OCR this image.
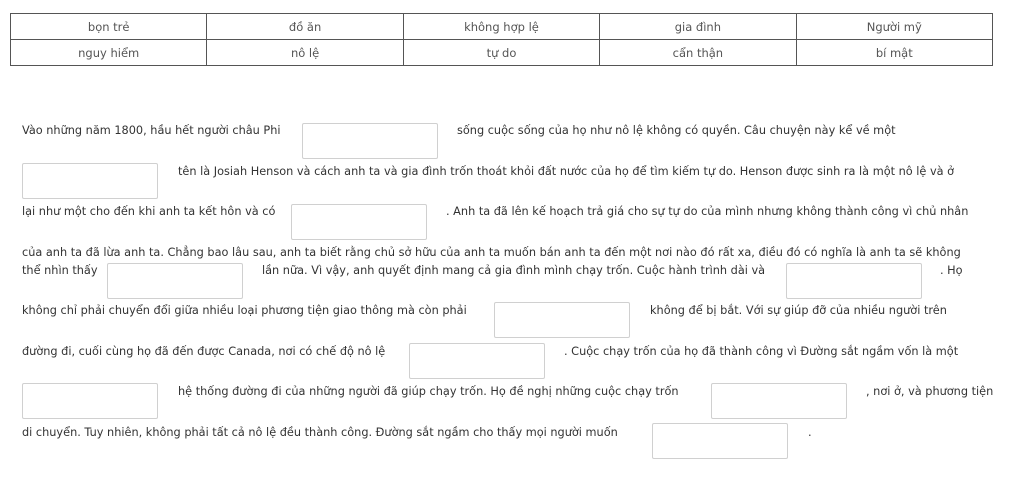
bọn trẻ	đồ ăn	không hợp lệ	gia đình	Người mỹ
nguy hiểm	nô lệ	tự do	cẩn thận	bí mật
Vào những năm 1800, hầu hết người châu Phi	sống cuộc sống của họ như nô lệ không có quyền. Câu chuyện này kể về một
tên là Josiah Henson và cách anh ta và gia đình trốn thoát khỏi đất nước của họ để tìm kiếm tự do. Henson được sinh ra là một nô lệ và ở
lại như một cho đến khi anh ta kết hôn và có	. Anh ta đã lên kế hoạch trả giá cho sự tự do của mình nhưng không thành công vì chủ nhân
của anh ta đã lừa anh ta. Chẳng bao lâu sau, anh ta biết rằng chủ sở hữu của anh ta muốn bán anh ta đến một nơi nào đó rất xa, điều đó có nghĩa là anh ta sẽ không
thể nhìn thấy	lần nữa. Vì vậy, anh quyết định mang cả gia đình mình chạy trốn. Cuộc hành trình dài và	. Họ
không chỉ phải chuyển đổi giữa nhiều loại phương tiện giao thông mà còn phải	không để bị bắt. Với sự giúp đỡ của nhiều người trên
đường đi, cuối cùng họ đã đến được Canada, nơi có chế độ nô lệ	. Cuộc chạy trốn của họ đã thành công vì Đường sắt ngầm vốn là một
hệ thống đường đi của những người đã giúp chạy trốn. Họ đề nghị những cuộc chạy trốn	, nơi ở, và phương tiện
di chuyển. Tuy nhiên, không phải tất cả nô lệ đều thành công. Đường sắt ngầm cho thấy mọi người muốn	.
